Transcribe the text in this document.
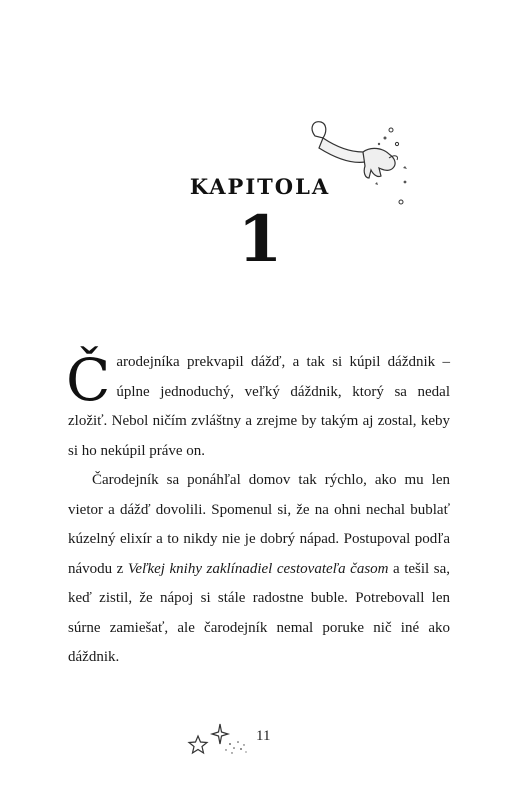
KAPITOLA
1

Čarodejníka prekvapil dážď, a tak si kúpil dáždnik – úplne jednoduchý, veľký dáždnik, ktorý sa nedal zložiť. Nebol ničím zvláštny a zrejme by takým aj zostal, keby si ho nekúpil práve on.

Čarodejník sa ponáhľal domov tak rýchlo, ako mu len vietor a dážď dovolili. Spomenul si, že na ohni nechal bublať kúzelný elixír a to nikdy nie je dobrý nápad. Postupoval podľa návodu z Veľkej knihy zaklínadiel cestovateľa časom a tešil sa, keď zistil, že nápoj si stále radostne buble. Potrebovall len súrne zamiešať, ale čarodejník nemal poruke nič iné ako dáždnik.

11
